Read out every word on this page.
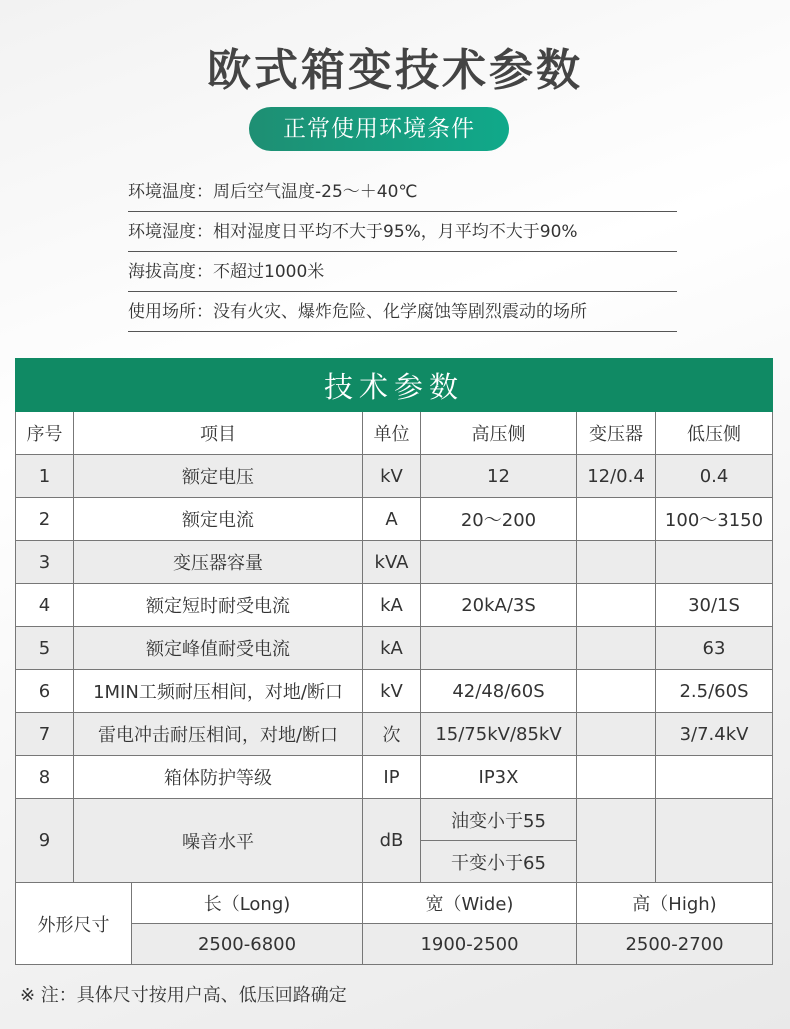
欧式箱变技术参数
正常使用环境条件
环境温度：周后空气温度-25～＋40℃
环境湿度：相对湿度日平均不大于95%，月平均不大于90%
海拔高度：不超过1000米
使用场所：没有火灾、爆炸危险、化学腐蚀等剧烈震动的场所
技术参数						
序号	项目		单位	高压侧	变压器	低压侧
1	额定电压		kV	12	12/0.4	0.4
2	额定电流		A	20～200		100～3150
3	变压器容量		kVA			
4	额定短时耐受电流		kA	20kA/3S		30/1S
5	额定峰值耐受电流		kA			63
6	1MIN工频耐压相间，对地/断口		kV	42/48/60S		2.5/60S
7	雷电冲击耐压相间，对地/断口		次	15/75kV/85kV		3/7.4kV
8	箱体防护等级		IP	IP3X		
9	噪音水平		dB	油变小于55		
				干变小于65		
外形尺寸		长（Long)	宽（Wide)		高（High)	
		2500-6800	1900-2500		2500-2700	
※ 注：具体尺寸按用户高、低压回路确定
